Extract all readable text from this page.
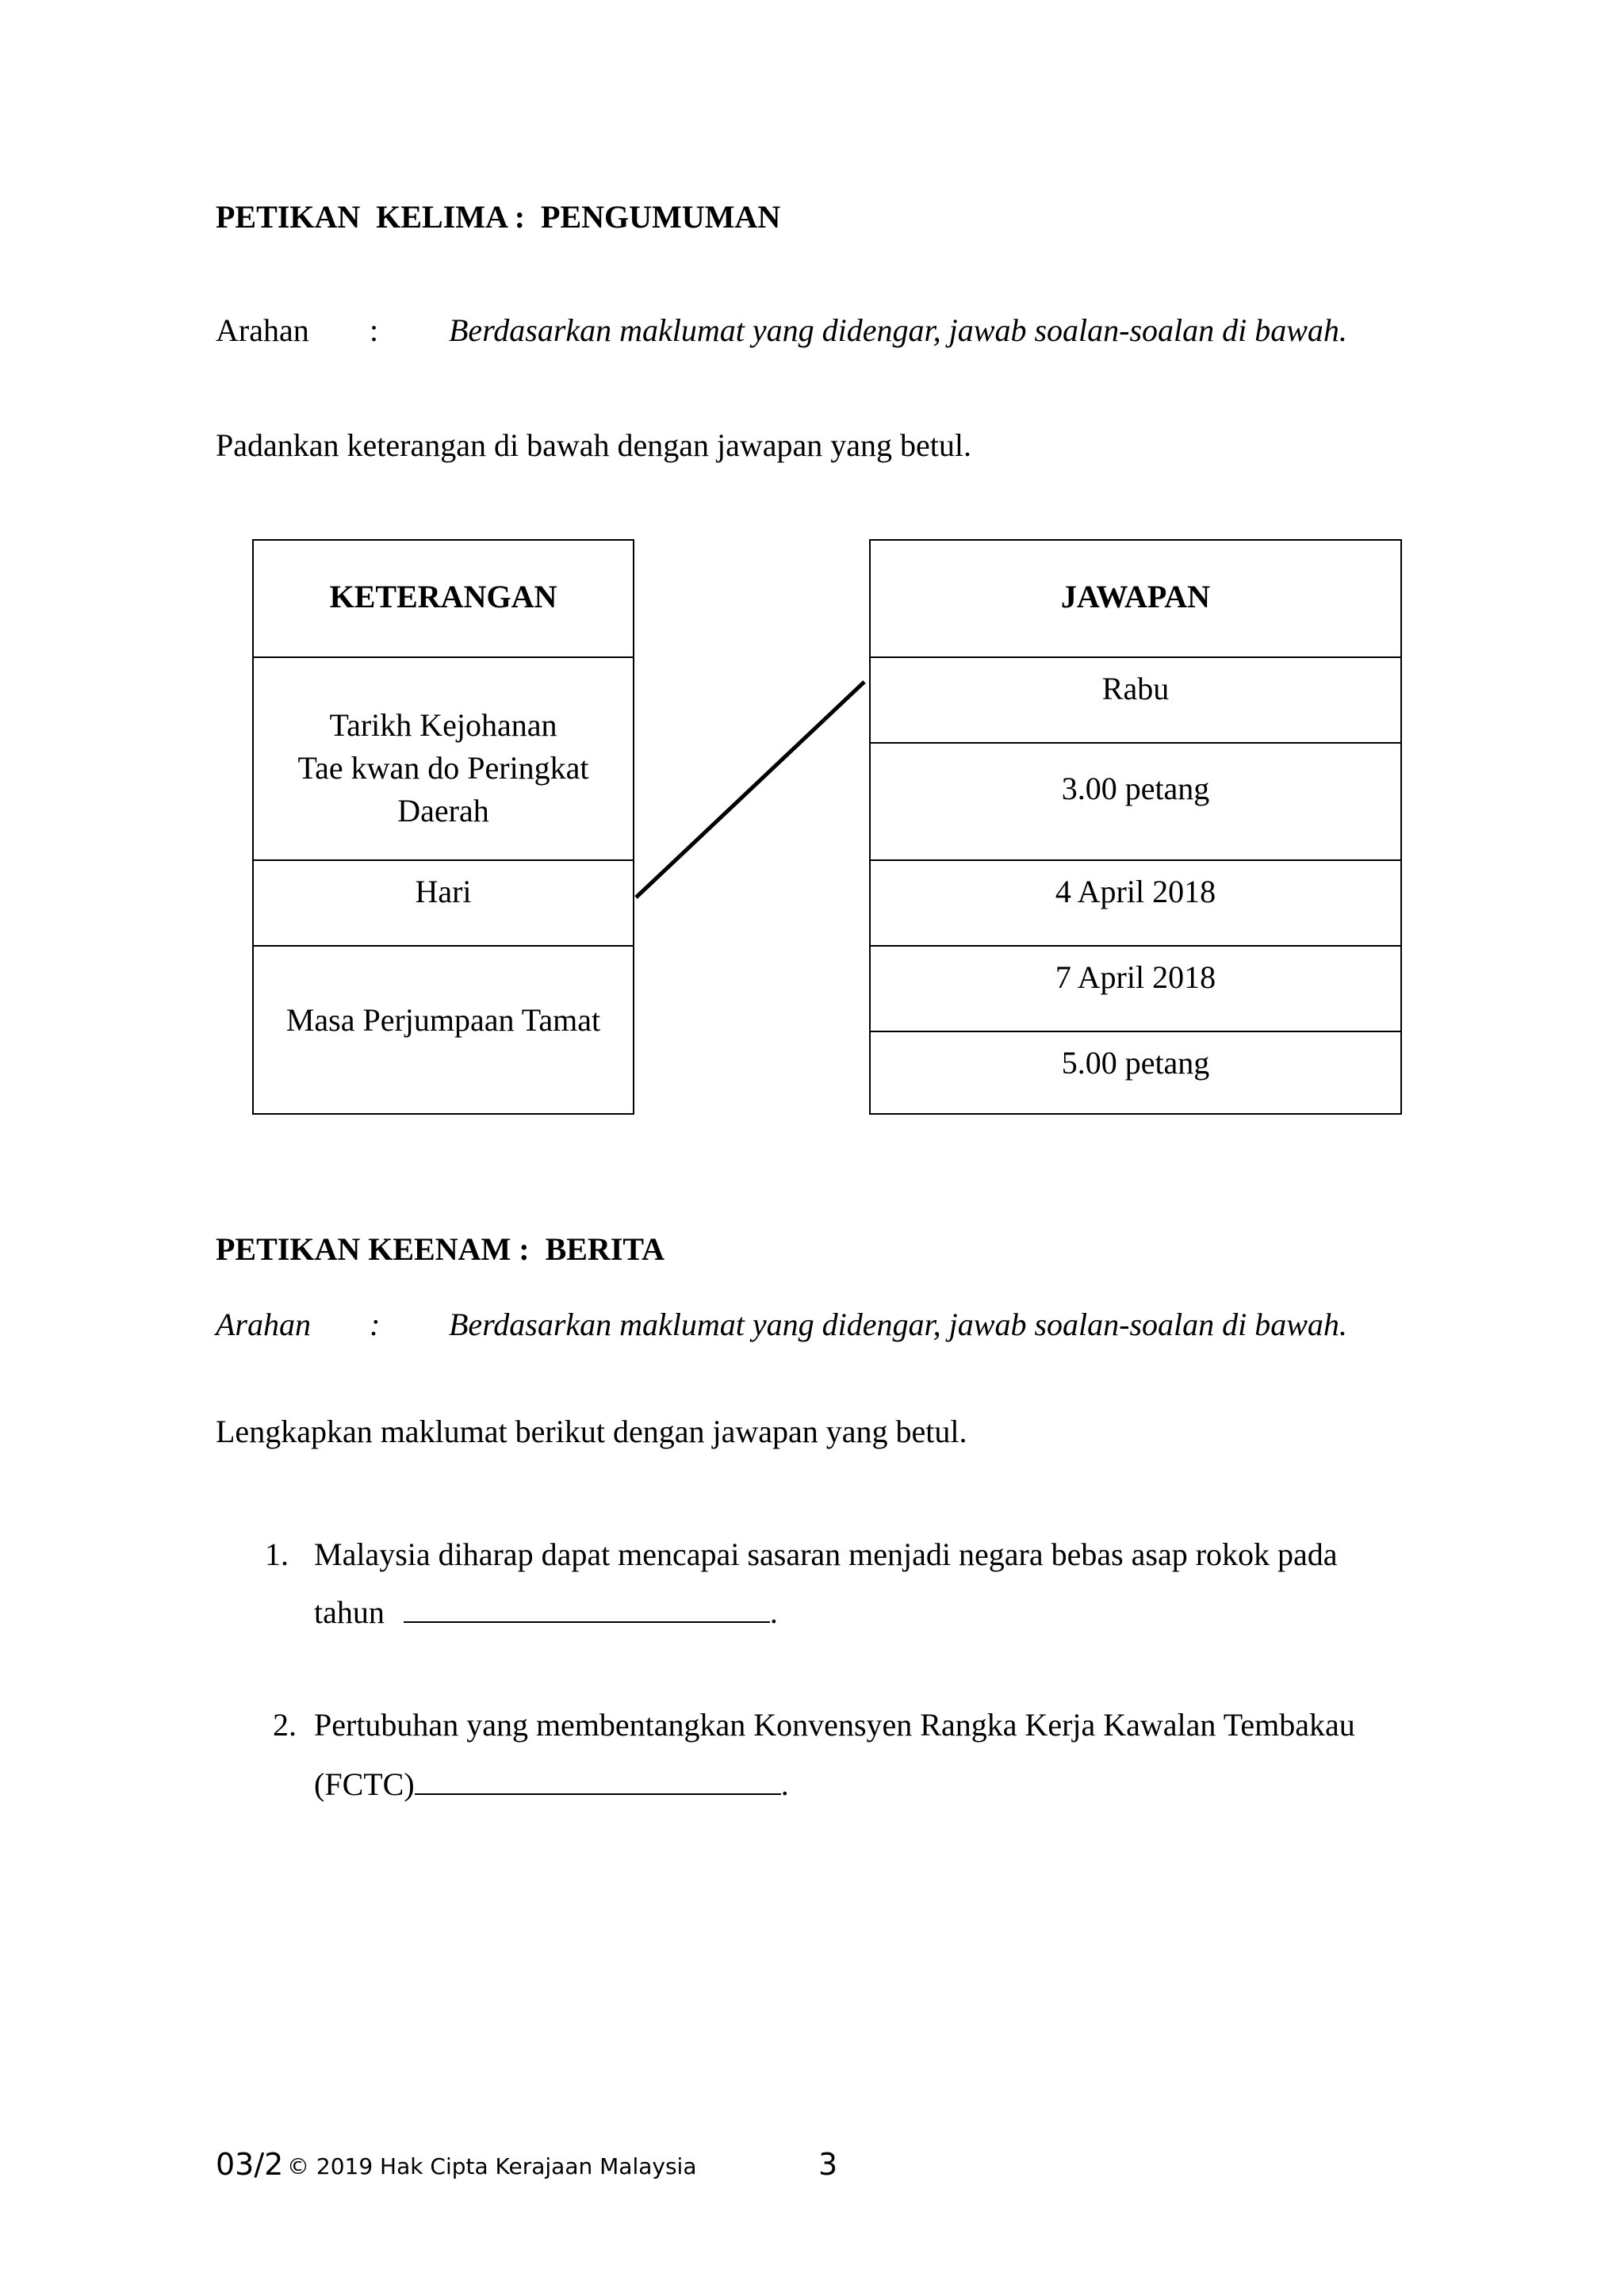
PETIKAN  KELIMA :  PENGUMUMAN
Arahan : Berdasarkan maklumat yang didengar, jawab soalan-soalan di bawah.
Padankan keterangan di bawah dengan jawapan yang betul.
KETERANGAN
Tarikh Kejohanan
Tae kwan do Peringkat
Daerah
Hari
Masa Perjumpaan Tamat
JAWAPAN
Rabu
3.00 petang
4 April 2018
7 April 2018
5.00 petang
PETIKAN KEENAM :  BERITA
Arahan : Berdasarkan maklumat yang didengar, jawab soalan-soalan di bawah.
Lengkapkan maklumat berikut dengan jawapan yang betul.
1. Malaysia diharap dapat mencapai sasaran menjadi negara bebas asap rokok pada
tahun	.
2. Pertubuhan yang membentangkan Konvensyen Rangka Kerja Kawalan Tembakau
(FCTC)	.
03/2 © 2019 Hak Cipta Kerajaan Malaysia	3
